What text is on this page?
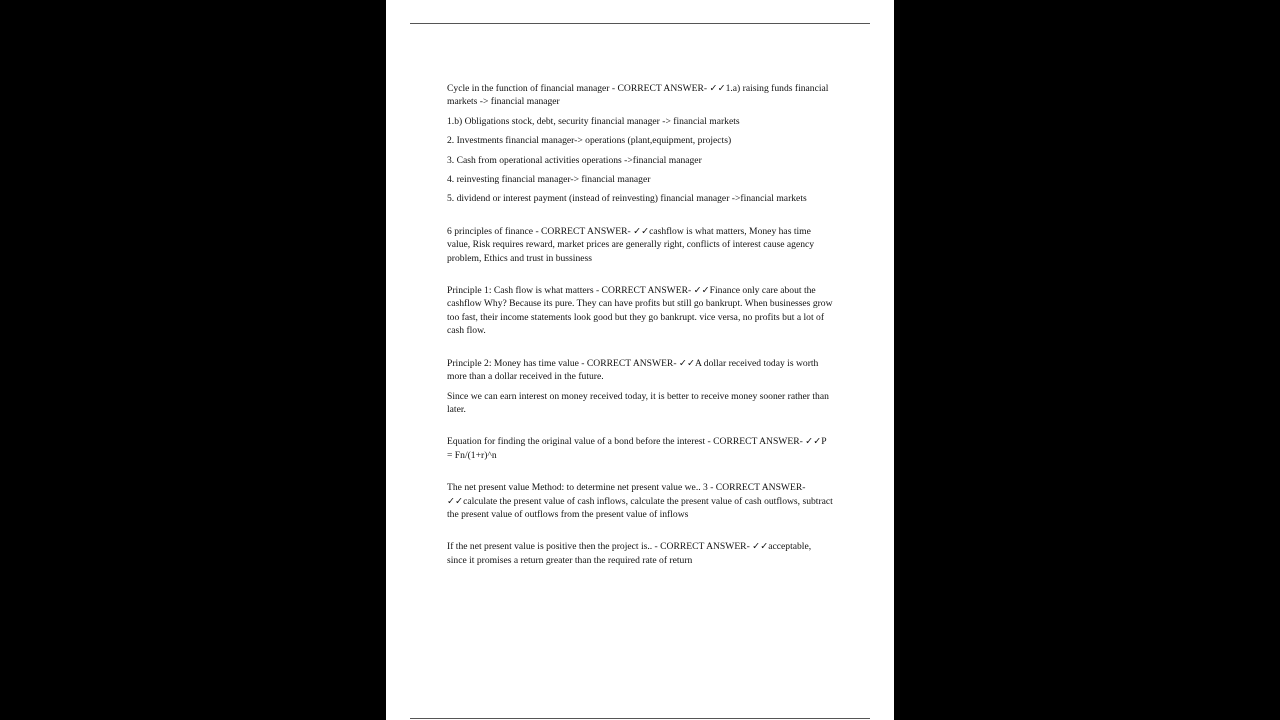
Cycle in the function of financial manager - CORRECT ANSWER- ✓✓1.a) raising funds financial markets -> financial manager

1.b) Obligations stock, debt, security financial manager -> financial markets

2. Investments financial manager-> operations (plant,equipment, projects)

3. Cash from operational activities operations ->financial manager

4. reinvesting financial manager-> financial manager

5. dividend or interest payment (instead of reinvesting) financial manager ->financial markets

6 principles of finance - CORRECT ANSWER- ✓✓cashflow is what matters, Money has time value, Risk requires reward, market prices are generally right, conflicts of interest cause agency problem, Ethics and trust in bussiness

Principle 1: Cash flow is what matters - CORRECT ANSWER- ✓✓Finance only care about the cashflow Why? Because its pure. They can have profits but still go bankrupt. When businesses grow too fast, their income statements look good but they go bankrupt. vice versa, no profits but a lot of cash flow.

Principle 2: Money has time value - CORRECT ANSWER- ✓✓A dollar received today is worth more than a dollar received in the future.

Since we can earn interest on money received today, it is better to receive money sooner rather than later.

Equation for finding the original value of a bond before the interest - CORRECT ANSWER- ✓✓P = Fn/(1+r)^n

The net present value Method: to determine net present value we.. 3 - CORRECT ANSWER- ✓✓calculate the present value of cash inflows, calculate the present value of cash outflows, subtract the present value of outflows from the present value of inflows

If the net present value is positive then the project is.. - CORRECT ANSWER- ✓✓acceptable, since it promises a return greater than the required rate of return
